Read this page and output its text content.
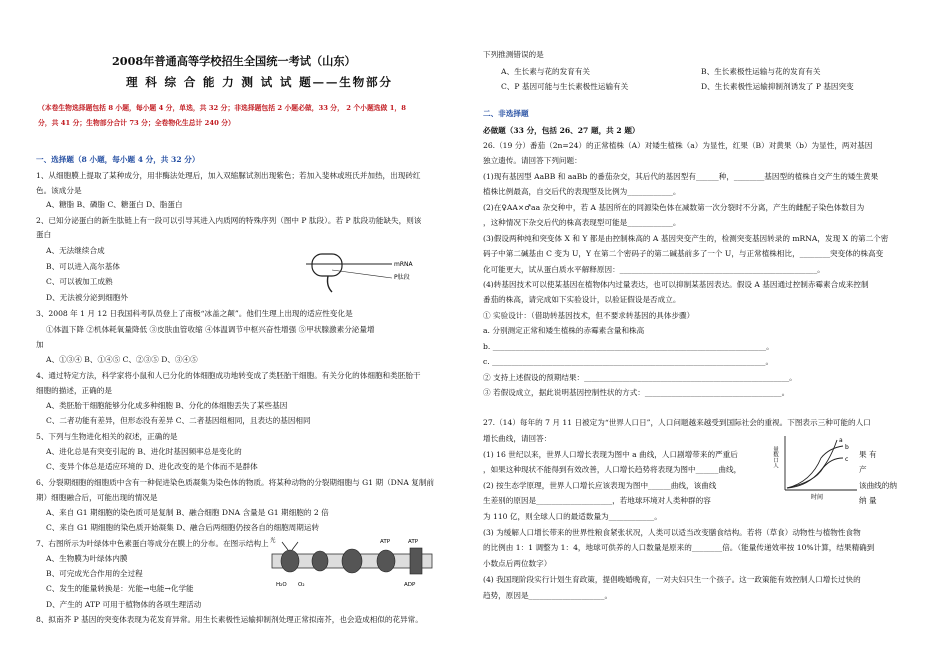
2008年普通高等学校招生全国统一考试（山东）
理 科 综 合 能 力 测 试 试 题——生物部分
（本卷生物选择题包括 8 小题，每小题 4 分，单选，共 32 分；非选择题包括 2 小题必做，33 分， 2 个小题选做 1，8
分，共 41 分；生物部分合计 73 分；全卷物化生总计 240 分）
一、选择题（8 小题，每小题 4 分，共 32 分）
1、从细胞膜上提取了某种成分，用非酶法处理后，加入双缩脲试剂出现紫色；若加入斐林或班氏并加热，出现砖红
色。该成分是
A、糖脂 B、磷脂 C、糖蛋白 D、脂蛋白
2、已知分泌蛋白的新生肽链上有一段可以引导其进入内质网的特殊序列（图中 P 肽段）。若 P 肽段功能缺失，则该
蛋白
A、无法继续合成
B、可以进入高尔基体
C、可以被加工成熟
D、无法被分泌到细胞外
mRNA
P肽段
3、2008 年 1 月 12 日我国科考队员登上了南极“冰盖之颠”。他们生理上出现的适应性变化是
①体温下降 ②机体耗氧量降低 ③皮肤血管收缩 ④体温调节中枢兴奋性增强 ⑤甲状腺激素分泌量增
加
A、①③④ B、①④⑤ C、②③⑤ D、③④⑤
4、通过特定方法，科学家将小鼠和人已分化的体细胞成功地转变成了类胚胎干细胞。有关分化的体细胞和类胚胎干
细胞的描述，正确的是
A、类胚胎干细胞能够分化成多种细胞 B、分化的体细胞丢失了某些基因
C、二者功能有差异，但形态没有差异 C、二者基因组相同，且表达的基因相同
5、下列与生物进化相关的叙述，正确的是
A、进化总是有突变引起的 B、进化时基因频率总是变化的
C、变异个体总是适应环境的 D、进化改变的是个体而不是群体
6、分裂期细胞的细胞质中含有一种促进染色质凝集为染色体的物质。将某种动物的分裂期细胞与 G1 期（DNA 复制前
期）细胞融合后，可能出现的情况是
A、来自 G1 期细胞的染色质可是复制 B、融合细胞 DNA 含量是 G1 期细胞的 2 倍
C、来自 G1 期细胞的染色质开始凝集 D、融合后两细胞仍按各自的细胞周期运转
7、右图所示为叶绿体中色素蛋白等成分在膜上的分布。在图示结构上
A、生物膜为叶绿体内膜
B、可完成光合作用的全过程
C、发生的能量转换是：光能→电能→化学能
D、产生的 ATP 可用于植物体的各项生理活动
光	ATP	ATP
H₂O O₂	ADP
8、拟南芥 P 基因的突变体表现为花发育异常。用生长素极性运输抑制剂处理正常拟南芥，也会造成相似的花异常。
下列推测错误的是
A、生长素与花的发育有关	B、生长素极性运输与花的发育有关
C、P 基因可能与生长素极性运输有关	D、生长素极性运输抑制剂诱发了 P 基因突变
二、非选择题
必做题（33 分，包括 26、27 题，共 2 题）
26.（19 分）番茄（2n=24）的正常植株（A）对矮生植株（a）为显性，红果（B）对黄果（b）为显性，两对基因
独立遗传。请回答下列问题：
(1)现有基因型 AaBB 和 aaBb 的番茄杂交，其后代的基因型有______种，________基因型的植株自交产生的矮生黄果
植株比例最高，自交后代的表现型及比例为____________。
(2)在♀AA×♂aa 杂交种中，若 A 基因所在的同源染色体在减数第一次分裂时不分离，产生的雌配子染色体数目为
，这种情况下杂交后代的株高表现型可能是____________。
(3)假设两种纯和突变体 X 和 Y 都是由控制株高的 A 基因突变产生的，检测突变基因转录的 mRNA，发现 X 的第二个密
码子中第二碱基由 C 变为 U，Y 在第二个密码子的第二碱基前多了一个 U，与正常植株相比，________突变体的株高变
化可能更大，试从蛋白质水平解释原因：____________________________________________________。
(4)转基因技术可以使某基因在植物体内过量表达，也可以抑制某基因表达。假设 A 基因通过控制赤霉素合成来控制
番茄的株高，请完成如下实验设计，以验证假设是否成立。
① 实验设计：（借助转基因技术，但不要求转基因的具体步骤）
a. 分别测定正常和矮生植株的赤霉素含量和株高
b. ________________________________________________________________________。
c. ________________________________________________________________________。
② 支持上述假设的预期结果：______________________________________________________。
③ 若假设成立，据此说明基因控制性状的方式：____________________________________。
27.（14）每年的 7 月 11 日被定为“世界人口日”，人口问题越来越受到国际社会的重视。下图表示三种可能的人口
增长曲线，请回答：
(1) 16 世纪以来，世界人口增长表现为图中 a 曲线，人口剧增带来的严重后	果 有
，如果这种现状不能得到有效改善，人口增长趋势将表现为图中______曲线，
该曲线的纳
(2) 按生态学原理，世界人口增长应该表现为图中______曲线，该曲线
产
生差别的原因是____________________，若地球环境对人类种群的容	纳 量
为 110 亿，则全球人口的最适数量为____________。
(3) 为缓解人口增长带来的世界性粮食紧张状况，人类可以适当改变膳食结构。若将（草食）动物性与植物性食物
的比例由 1：1 调整为 1：4，地球可供养的人口数量是原来的________倍。（能量传递效率按 10%计算，结果精确到
小数点后两位数字）
(4) 我国现阶段实行计划生育政策，提倡晚婚晚育，一对夫妇只生一个孩子。这一政策能有效控制人口增长过快的
趋势，原因是____________________。
a
b
c
量数口人
时间
